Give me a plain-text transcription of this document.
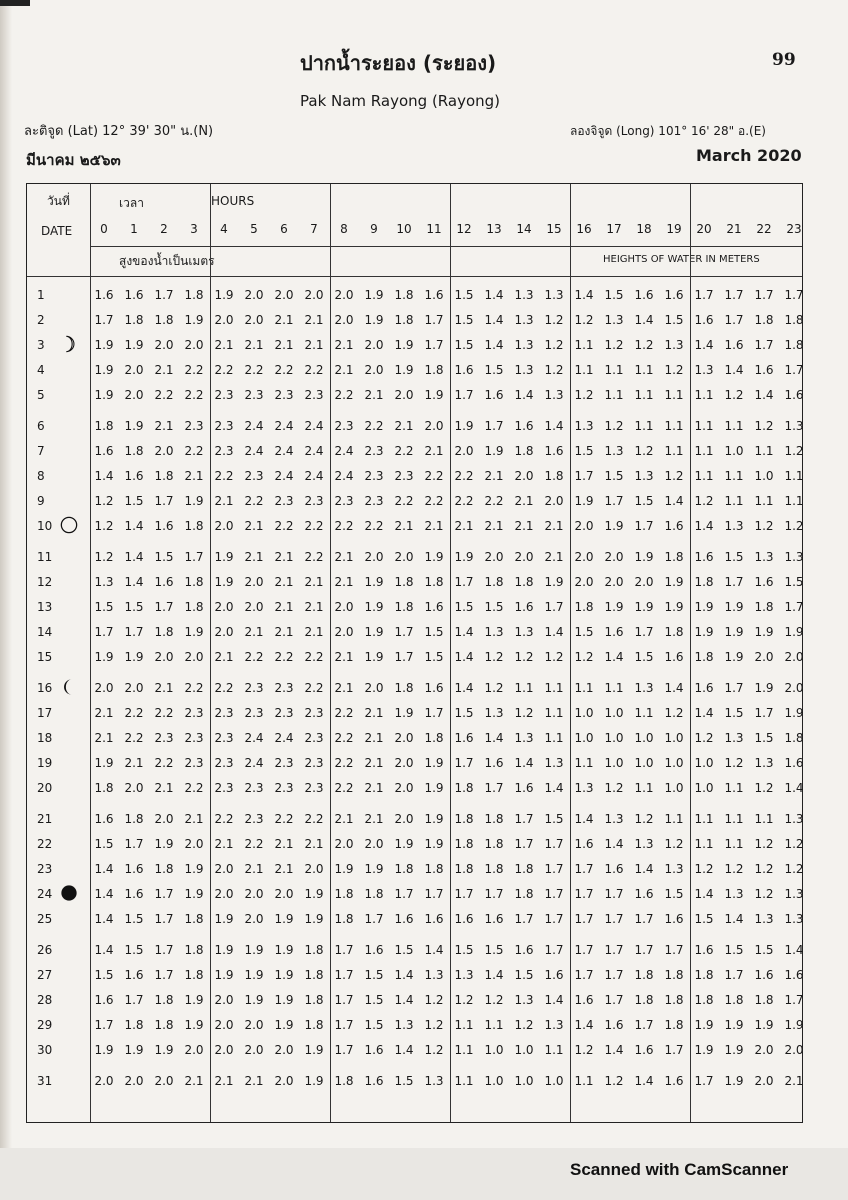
ปากน้ำระยอง (ระยอง)	99
Pak Nam Rayong (Rayong)
ละติจูด (Lat) 12° 39' 30" น.(N)	ลองจิจูด (Long) 101° 16' 28" อ.(E)
มีนาคม ๒๕๖๓	March 2020
วันที่
DATE
เวลา	HOURS
สูงของน้ำเป็นเมตร	HEIGHTS OF WATER IN METERS
0	1	2	3	4	5	6	7	8	9	10	11	12	13	14	15	16	17	18	19	20	21	22	23
1	1.6 1.6 1.7 1.8 1.9 2.0 2.0 2.0 2.0 1.9 1.8 1.6 1.5 1.4 1.3 1.3 1.4 1.5 1.6 1.6 1.7 1.7 1.7 1.7
2	1.7 1.8 1.8 1.9 2.0 2.0 2.1 2.1 2.0 1.9 1.8 1.7 1.5 1.4 1.3 1.2 1.2 1.3 1.4 1.5 1.6 1.7 1.8 1.8
3	1.9 1.9 2.0 2.0 2.1 2.1 2.1 2.1 2.1 2.0 1.9 1.7 1.5 1.4 1.3 1.2 1.1 1.2 1.2 1.3 1.4 1.6 1.7 1.8
4	1.9 2.0 2.1 2.2 2.2 2.2 2.2 2.2 2.1 2.0 1.9 1.8 1.6 1.5 1.3 1.2 1.1 1.1 1.1 1.2 1.3 1.4 1.6 1.7
5	1.9 2.0 2.2 2.2 2.3 2.3 2.3 2.3 2.2 2.1 2.0 1.9 1.7 1.6 1.4 1.3 1.2 1.1 1.1 1.1 1.1 1.2 1.4 1.6
6	1.8 1.9 2.1 2.3 2.3 2.4 2.4 2.4 2.3 2.2 2.1 2.0 1.9 1.7 1.6 1.4 1.3 1.2 1.1 1.1 1.1 1.1 1.2 1.3
7	1.6 1.8 2.0 2.2 2.3 2.4 2.4 2.4 2.4 2.3 2.2 2.1 2.0 1.9 1.8 1.6 1.5 1.3 1.2 1.1 1.1 1.0 1.1 1.2
8	1.4 1.6 1.8 2.1 2.2 2.3 2.4 2.4 2.4 2.3 2.3 2.2 2.2 2.1 2.0 1.8 1.7 1.5 1.3 1.2 1.1 1.1 1.0 1.1
9	1.2 1.5 1.7 1.9 2.1 2.2 2.3 2.3 2.3 2.3 2.2 2.2 2.2 2.2 2.1 2.0 1.9 1.7 1.5 1.4 1.2 1.1 1.1 1.1
10	1.2 1.4 1.6 1.8 2.0 2.1 2.2 2.2 2.2 2.2 2.1 2.1 2.1 2.1 2.1 2.1 2.0 1.9 1.7 1.6 1.4 1.3 1.2 1.2
11	1.2 1.4 1.5 1.7 1.9 2.1 2.1 2.2 2.1 2.0 2.0 1.9 1.9 2.0 2.0 2.1 2.0 2.0 1.9 1.8 1.6 1.5 1.3 1.3
12	1.3 1.4 1.6 1.8 1.9 2.0 2.1 2.1 2.1 1.9 1.8 1.8 1.7 1.8 1.8 1.9 2.0 2.0 2.0 1.9 1.8 1.7 1.6 1.5
13	1.5 1.5 1.7 1.8 2.0 2.0 2.1 2.1 2.0 1.9 1.8 1.6 1.5 1.5 1.6 1.7 1.8 1.9 1.9 1.9 1.9 1.9 1.8 1.7
14	1.7 1.7 1.8 1.9 2.0 2.1 2.1 2.1 2.0 1.9 1.7 1.5 1.4 1.3 1.3 1.4 1.5 1.6 1.7 1.8 1.9 1.9 1.9 1.9
15	1.9 1.9 2.0 2.0 2.1 2.2 2.2 2.2 2.1 1.9 1.7 1.5 1.4 1.2 1.2 1.2 1.2 1.4 1.5 1.6 1.8 1.9 2.0 2.0
16	2.0 2.0 2.1 2.2 2.2 2.3 2.3 2.2 2.1 2.0 1.8 1.6 1.4 1.2 1.1 1.1 1.1 1.1 1.3 1.4 1.6 1.7 1.9 2.0
17	2.1 2.2 2.2 2.3 2.3 2.3 2.3 2.3 2.2 2.1 1.9 1.7 1.5 1.3 1.2 1.1 1.0 1.0 1.1 1.2 1.4 1.5 1.7 1.9
18	2.1 2.2 2.3 2.3 2.3 2.4 2.4 2.3 2.2 2.1 2.0 1.8 1.6 1.4 1.3 1.1 1.0 1.0 1.0 1.0 1.2 1.3 1.5 1.8
19	1.9 2.1 2.2 2.3 2.3 2.4 2.3 2.3 2.2 2.1 2.0 1.9 1.7 1.6 1.4 1.3 1.1 1.0 1.0 1.0 1.0 1.2 1.3 1.6
20	1.8 2.0 2.1 2.2 2.3 2.3 2.3 2.3 2.2 2.1 2.0 1.9 1.8 1.7 1.6 1.4 1.3 1.2 1.1 1.0 1.0 1.1 1.2 1.4
21	1.6 1.8 2.0 2.1 2.2 2.3 2.2 2.2 2.1 2.1 2.0 1.9 1.8 1.8 1.7 1.5 1.4 1.3 1.2 1.1 1.1 1.1 1.1 1.3
22	1.5 1.7 1.9 2.0 2.1 2.2 2.1 2.1 2.0 2.0 1.9 1.9 1.8 1.8 1.7 1.7 1.6 1.4 1.3 1.2 1.1 1.1 1.2 1.2
23	1.4 1.6 1.8 1.9 2.0 2.1 2.1 2.0 1.9 1.9 1.8 1.8 1.8 1.8 1.8 1.7 1.7 1.6 1.4 1.3 1.2 1.2 1.2 1.2
24	1.4 1.6 1.7 1.9 2.0 2.0 2.0 1.9 1.8 1.8 1.7 1.7 1.7 1.7 1.8 1.7 1.7 1.7 1.6 1.5 1.4 1.3 1.2 1.3
25	1.4 1.5 1.7 1.8 1.9 2.0 1.9 1.9 1.8 1.7 1.6 1.6 1.6 1.6 1.7 1.7 1.7 1.7 1.7 1.6 1.5 1.4 1.3 1.3
26	1.4 1.5 1.7 1.8 1.9 1.9 1.9 1.8 1.7 1.6 1.5 1.4 1.5 1.5 1.6 1.7 1.7 1.7 1.7 1.7 1.6 1.5 1.5 1.4
27	1.5 1.6 1.7 1.8 1.9 1.9 1.9 1.8 1.7 1.5 1.4 1.3 1.3 1.4 1.5 1.6 1.7 1.7 1.8 1.8 1.8 1.7 1.6 1.6
28	1.6 1.7 1.8 1.9 2.0 1.9 1.9 1.8 1.7 1.5 1.4 1.2 1.2 1.2 1.3 1.4 1.6 1.7 1.8 1.8 1.8 1.8 1.8 1.7
29	1.7 1.8 1.8 1.9 2.0 2.0 1.9 1.8 1.7 1.5 1.3 1.2 1.1 1.1 1.2 1.3 1.4 1.6 1.7 1.8 1.9 1.9 1.9 1.9
30	1.9 1.9 1.9 2.0 2.0 2.0 2.0 1.9 1.7 1.6 1.4 1.2 1.1 1.0 1.0 1.1 1.2 1.4 1.6 1.7 1.9 1.9 2.0 2.0
31	2.0 2.0 2.0 2.1 2.1 2.1 2.0 1.9 1.8 1.6 1.5 1.3 1.1 1.0 1.0 1.0 1.1 1.2 1.4 1.6 1.7 1.9 2.0 2.1
Scanned with CamScanner
